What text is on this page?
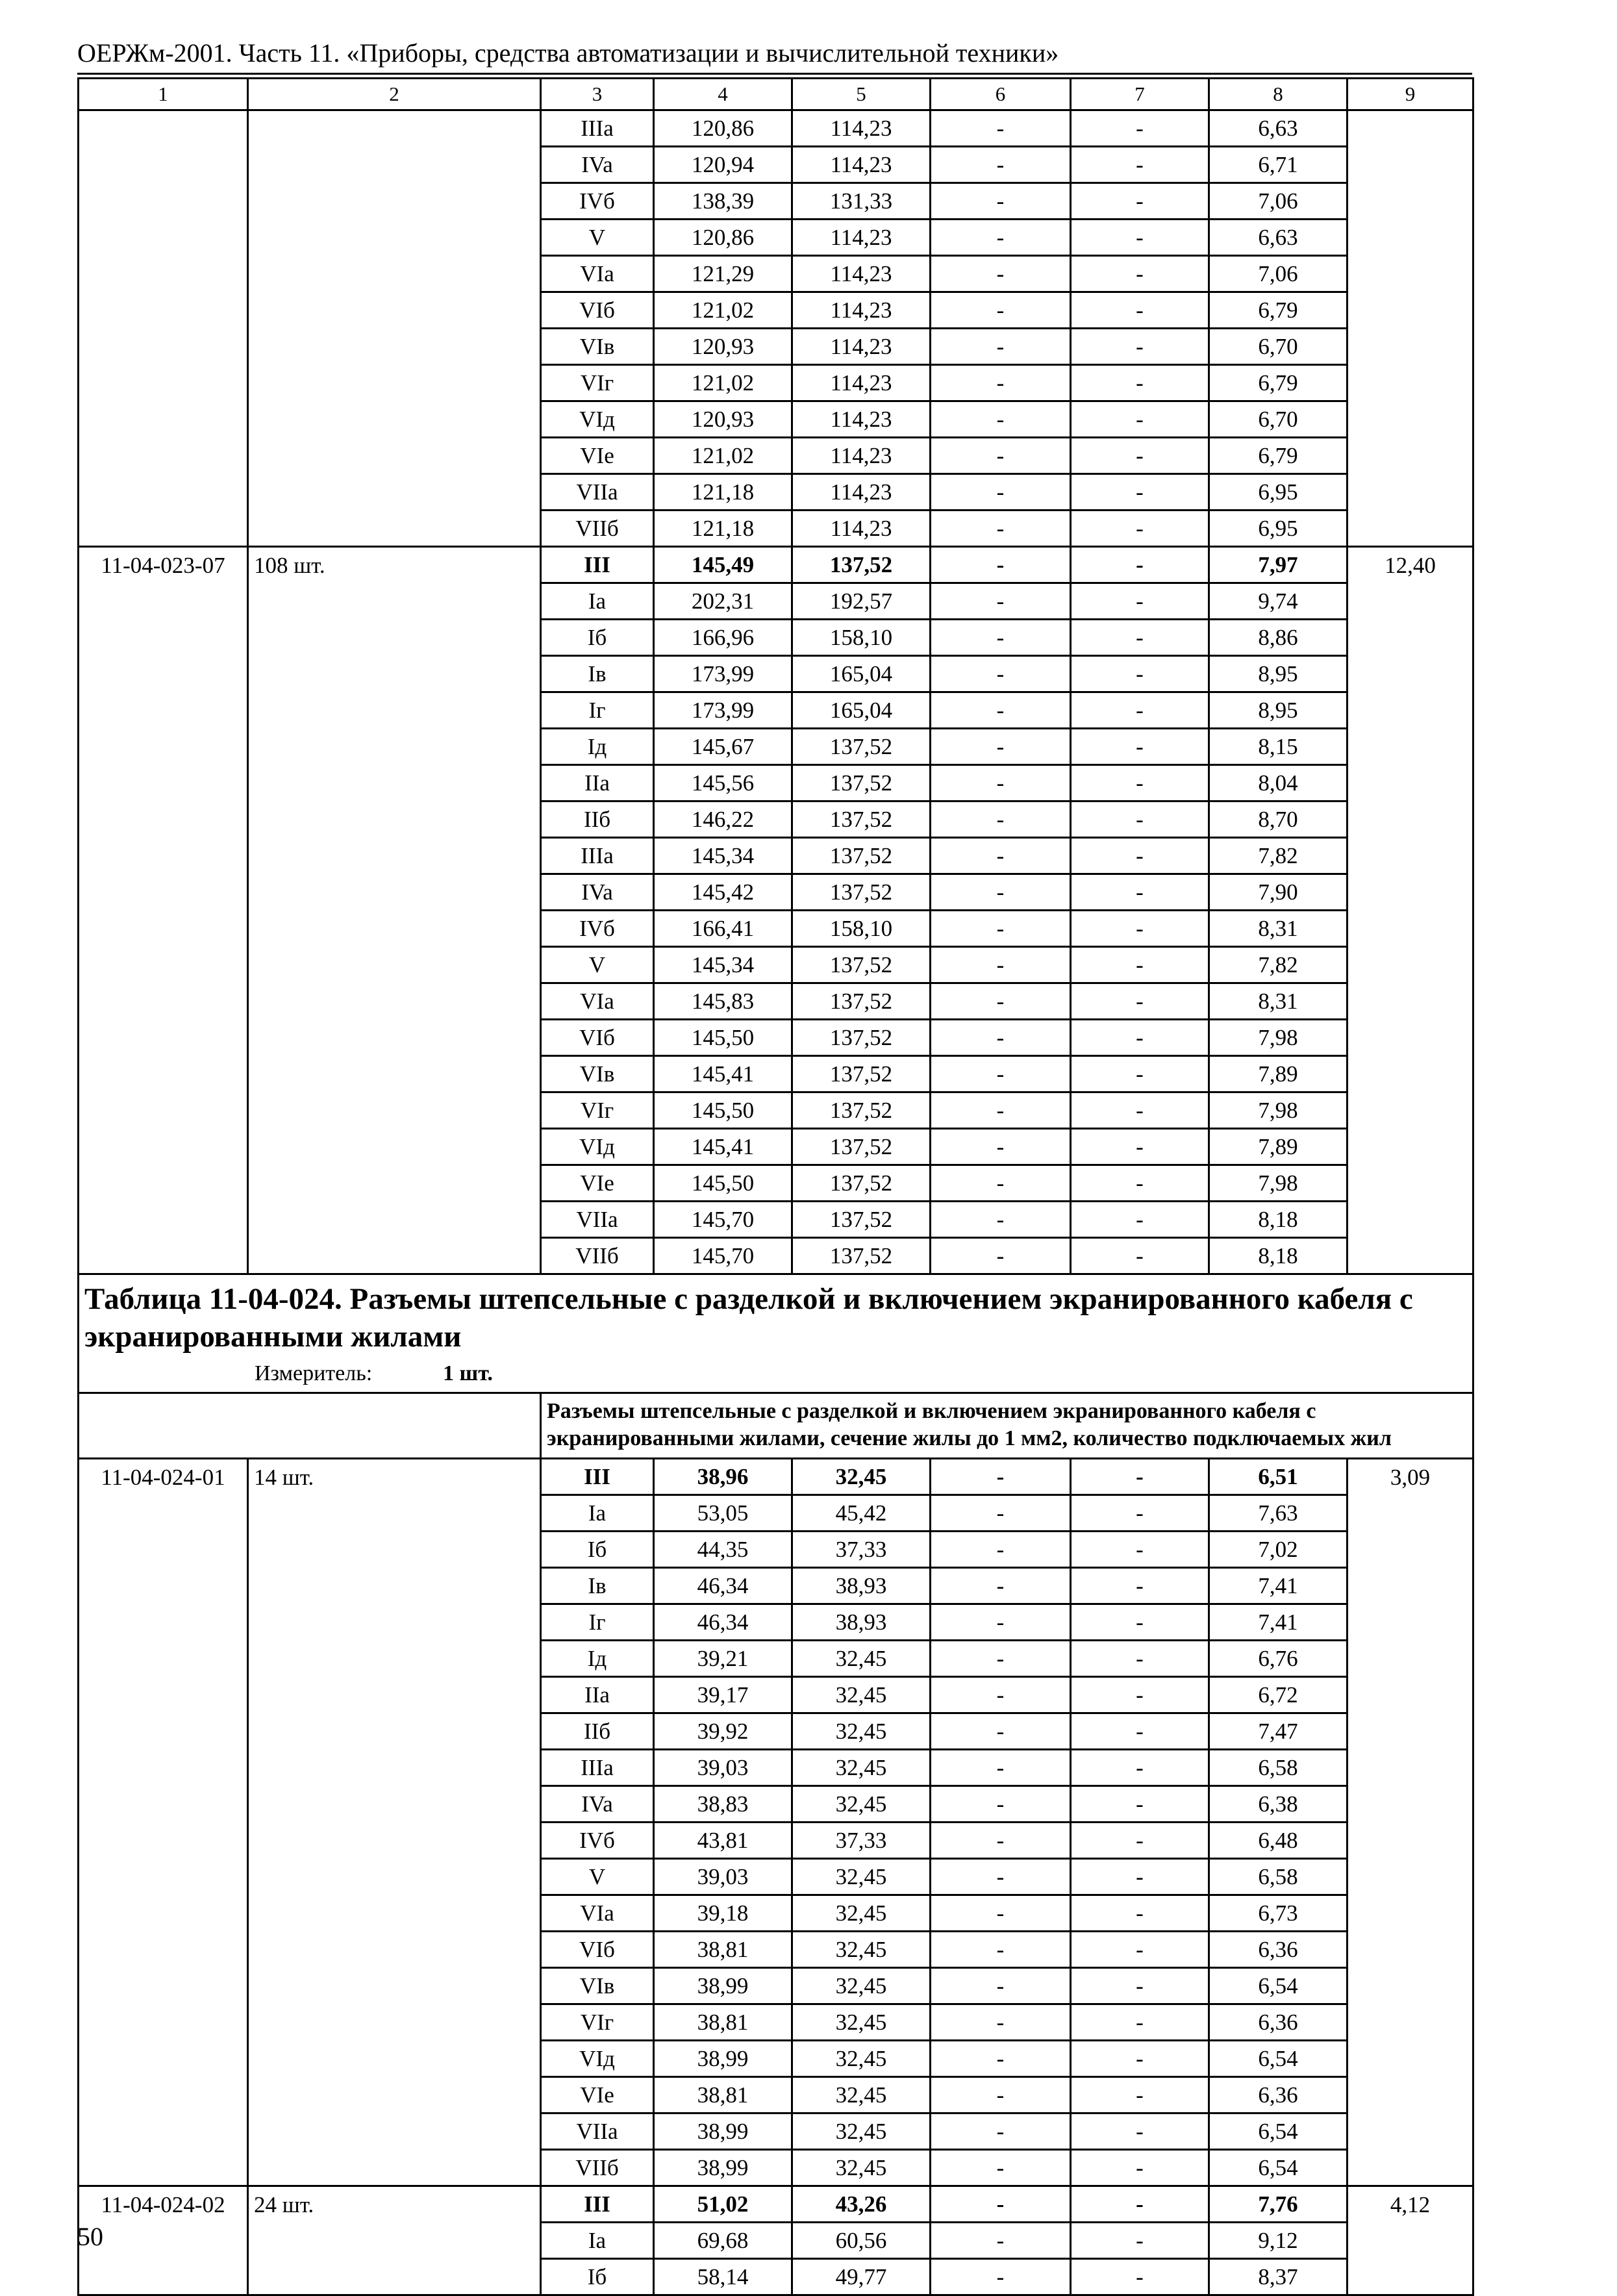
ОЕРЖм-2001. Часть 11. «Приборы, средства автоматизации и вычислительной техники»
1	2	3	4	5	6	7	8	9
		IIIa	120,86	114,23	-	-	6,63	
		IVa	120,94	114,23	-	-	6,71	
		IVб	138,39	131,33	-	-	7,06	
		V	120,86	114,23	-	-	6,63	
		VIa	121,29	114,23	-	-	7,06	
		VIб	121,02	114,23	-	-	6,79	
		VIв	120,93	114,23	-	-	6,70	
		VIг	121,02	114,23	-	-	6,79	
		VIд	120,93	114,23	-	-	6,70	
		VIe	121,02	114,23	-	-	6,79	
		VIIa	121,18	114,23	-	-	6,95	
		VIIб	121,18	114,23	-	-	6,95	
11-04-023-07	108 шт.	III	145,49	137,52	-	-	7,97	12,40
		Ia	202,31	192,57	-	-	9,74	
		Iб	166,96	158,10	-	-	8,86	
		Iв	173,99	165,04	-	-	8,95	
		Iг	173,99	165,04	-	-	8,95	
		Iд	145,67	137,52	-	-	8,15	
		IIa	145,56	137,52	-	-	8,04	
		IIб	146,22	137,52	-	-	8,70	
		IIIa	145,34	137,52	-	-	7,82	
		IVa	145,42	137,52	-	-	7,90	
		IVб	166,41	158,10	-	-	8,31	
		V	145,34	137,52	-	-	7,82	
		VIa	145,83	137,52	-	-	8,31	
		VIб	145,50	137,52	-	-	7,98	
		VIв	145,41	137,52	-	-	7,89	
		VIг	145,50	137,52	-	-	7,98	
		VIд	145,41	137,52	-	-	7,89	
		VIe	145,50	137,52	-	-	7,98	
		VIIa	145,70	137,52	-	-	8,18	
		VIIб	145,70	137,52	-	-	8,18	
Таблица 11-04-024. Разъемы штепсельные с разделкой и включением экранированного кабеля с экранированными жилами								
Измеритель: 1 шт.								
		Разъемы штепсельные с разделкой и включением экранированного кабеля с экранированными жилами, сечение жилы до 1 мм2, количество подключаемых жил						
11-04-024-01	14 шт.	III	38,96	32,45	-	-	6,51	3,09
		Ia	53,05	45,42	-	-	7,63	
		Iб	44,35	37,33	-	-	7,02	
		Iв	46,34	38,93	-	-	7,41	
		Iг	46,34	38,93	-	-	7,41	
		Iд	39,21	32,45	-	-	6,76	
		IIa	39,17	32,45	-	-	6,72	
		IIб	39,92	32,45	-	-	7,47	
		IIIa	39,03	32,45	-	-	6,58	
		IVa	38,83	32,45	-	-	6,38	
		IVб	43,81	37,33	-	-	6,48	
		V	39,03	32,45	-	-	6,58	
		VIa	39,18	32,45	-	-	6,73	
		VIб	38,81	32,45	-	-	6,36	
		VIв	38,99	32,45	-	-	6,54	
		VIг	38,81	32,45	-	-	6,36	
		VIд	38,99	32,45	-	-	6,54	
		VIe	38,81	32,45	-	-	6,36	
		VIIa	38,99	32,45	-	-	6,54	
		VIIб	38,99	32,45	-	-	6,54	
11-04-024-02	24 шт.	III	51,02	43,26	-	-	7,76	4,12
		Ia	69,68	60,56	-	-	9,12	
		Iб	58,14	49,77	-	-	8,37	
50
